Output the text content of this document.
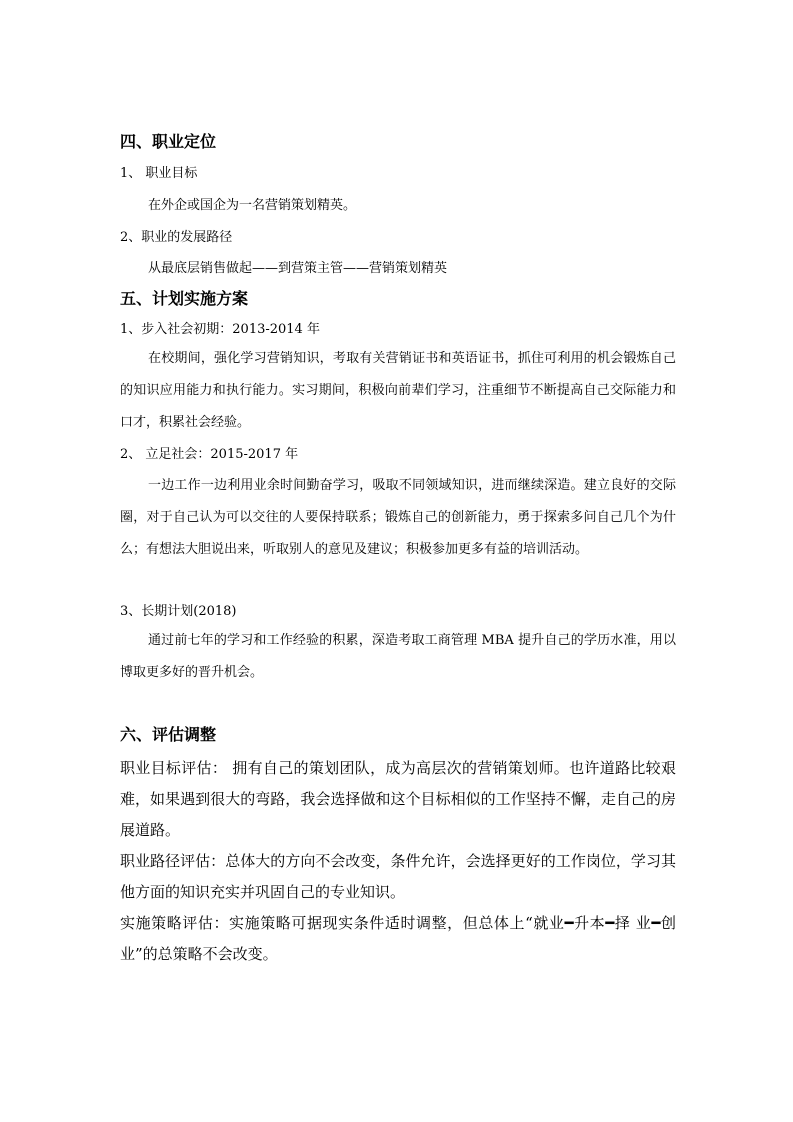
四、职业定位
1、 职业目标
在外企或国企为一名营销策划精英。
2、职业的发展路径
从最底层销售做起——到营策主管——营销策划精英
五、计划实施方案
1、步入社会初期：2013-2014 年
在校期间，强化学习营销知识，考取有关营销证书和英语证书，抓住可利用的机会锻炼自己的知识应用能力和执行能力。实习期间，积极向前辈们学习，注重细节不断提高自己交际能力和口才，积累社会经验。
2、 立足社会：2015-2017 年
一边工作一边利用业余时间勤奋学习，吸取不同领域知识，进而继续深造。建立良好的交际圈，对于自己认为可以交往的人要保持联系；锻炼自己的创新能力，勇于探索多问自己几个为什么；有想法大胆说出来，听取别人的意见及建议；积极参加更多有益的培训活动。
3、长期计划(2018)
通过前七年的学习和工作经验的积累，深造考取工商管理 MBA 提升自己的学历水准，用以博取更多好的晋升机会。
六、评估调整
职业目标评估： 拥有自己的策划团队，成为高层次的营销策划师。也许道路比较艰难，如果遇到很大的弯路，我会选择做和这个目标相似的工作坚持不懈，走自己的房展道路。
职业路径评估：总体大的方向不会改变，条件允许，会选择更好的工作岗位，学习其他方面的知识充实并巩固自己的专业知识。
实施策略评估：实施策略可据现实条件适时调整，但总体上“就业━升本━择 业━创业”的总策略不会改变。
